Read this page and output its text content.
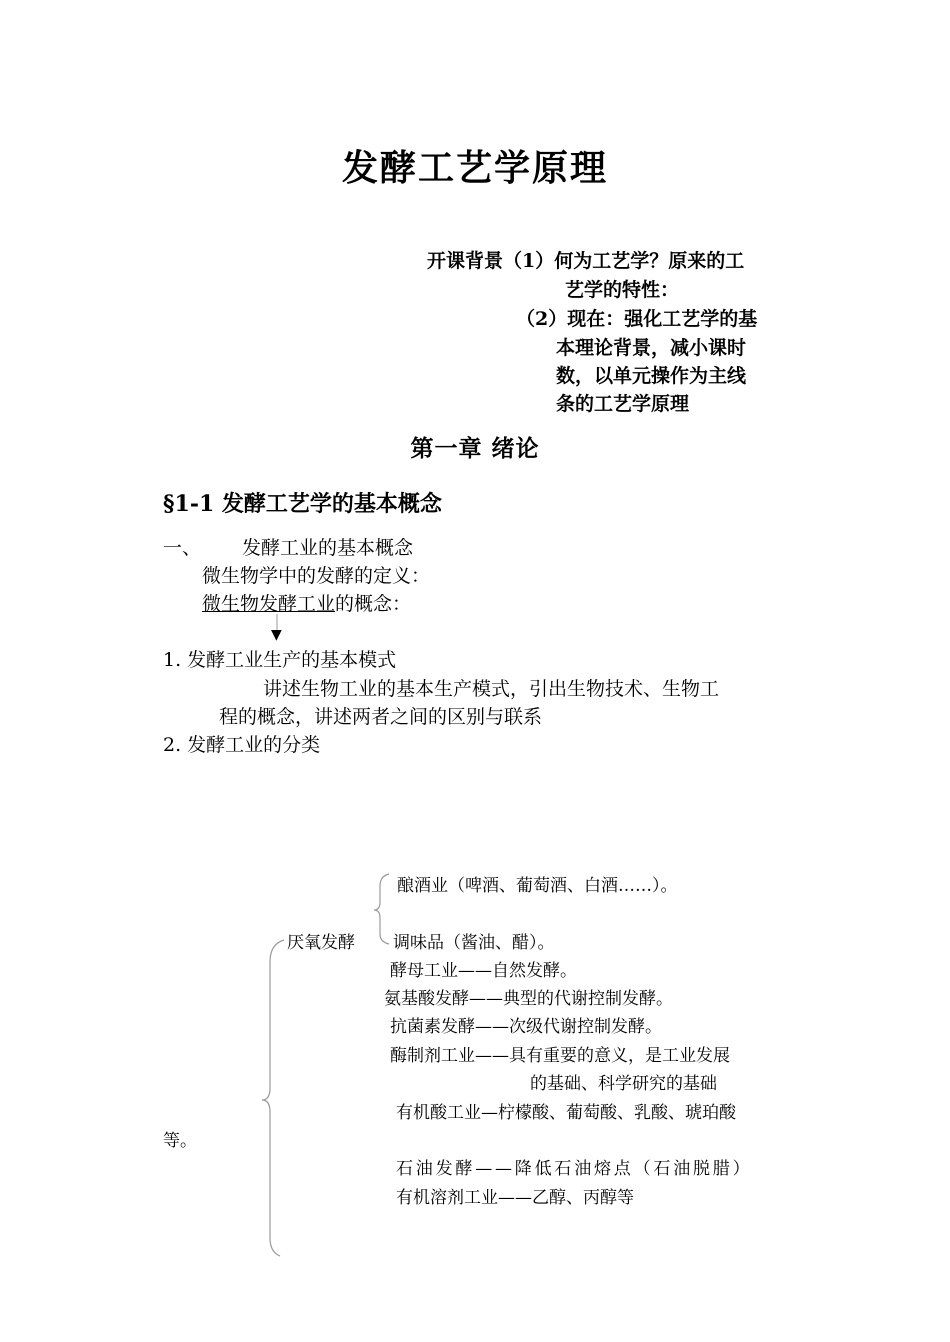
发酵工艺学原理
开课背景（1）何为工艺学？原来的工
艺学的特性：
（2）现在：强化工艺学的基
本理论背景，减小课时
数，以单元操作为主线
条的工艺学原理
第一章 绪论
§1-1 发酵工艺学的基本概念
一、 发酵工业的基本概念
微生物学中的发酵的定义：
微生物发酵工业的概念：
▼
1. 发酵工业生产的基本模式
讲述生物工业的基本生产模式，引出生物技术、生物工
程的概念，讲述两者之间的区别与联系
2. 发酵工业的分类
酿酒业（啤酒、葡萄酒、白酒……）。
厌氧发酵 调味品（酱油、醋）。
酵母工业——自然发酵。
氨基酸发酵——典型的代谢控制发酵。
抗菌素发酵——次级代谢控制发酵。
酶制剂工业——具有重要的意义，是工业发展
的基础、科学研究的基础
有机酸工业—柠檬酸、葡萄酸、乳酸、琥珀酸
等。
石油发酵——降低石油熔点（石油脱腊）
有机溶剂工业——乙醇、丙醇等
